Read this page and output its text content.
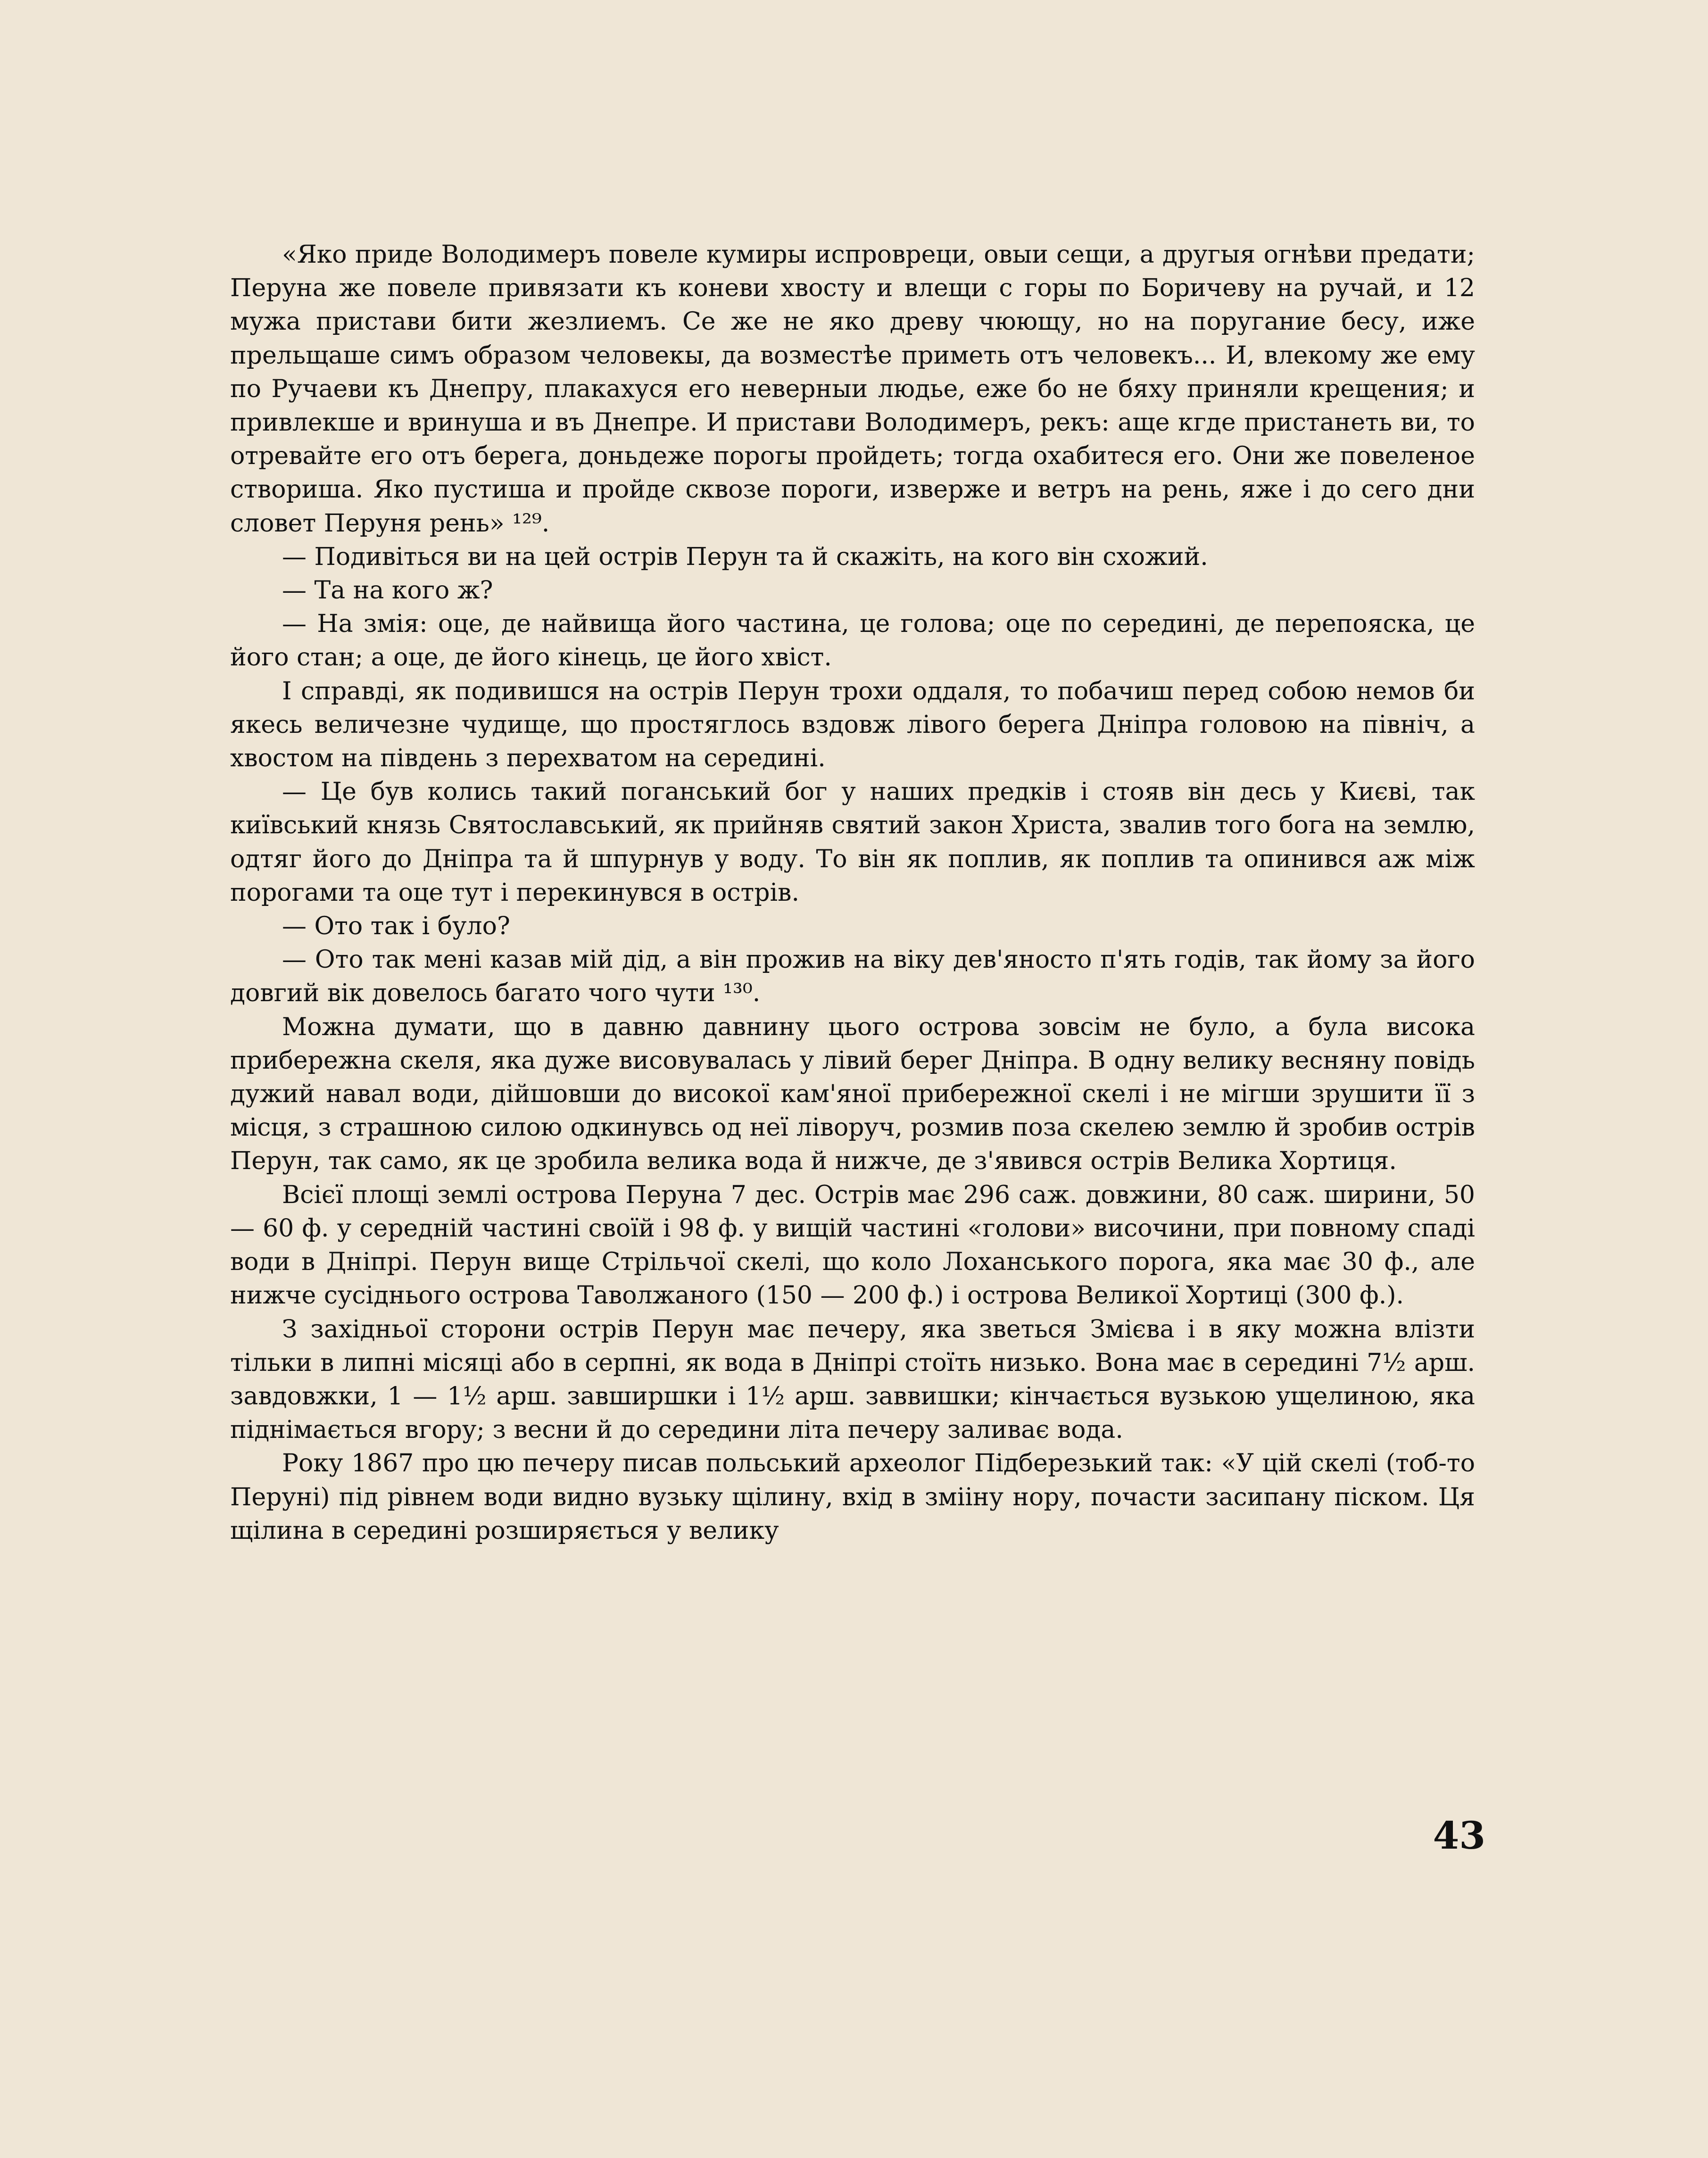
«Яко приде Володимеръ повеле кумиры испровреци, овыи сещи, а другыя огнѣви предати; Перуна же повеле привязати къ коневи хвосту и влещи с горы по Боричеву на ручай, и 12 мужа пристави бити жезлиемъ. Се же не яко древу чюющу, но на поругание бесу, иже прельщаше симъ образом человекы, да возместѣе приметь отъ человекъ... И, влекому же ему по Ручаеви къ Днепру, плакахуся его неверныи людье, еже бо не бяху приняли крещения; и привлекше и вринуша и въ Днепре. И пристави Володимеръ, рекъ: аще кгде пристанеть ви, то отревайте его отъ берега, доньдеже порогы пройдеть; тогда охабитеся его. Они же повеленое створиша. Яко пустиша и пройде сквозе пороги, изверже и ветръ на рень, яже і до сего дни словет Перуня рень» ¹²⁹.

— Подивіться ви на цей острів Перун та й скажіть, на кого він схожий.

— Та на кого ж?

— На змія: оце, де найвища його частина, це голова; оце по середині, де перепояска, це його стан; а оце, де його кінець, це його хвіст.

І справді, як подивишся на острів Перун трохи оддаля, то побачиш перед собою немов би якесь величезне чудище, що простяглось вздовж лівого берега Дніпра головою на північ, а хвостом на південь з перехватом на середині.

— Це був колись такий поганський бог у наших предків і стояв він десь у Києві, так київський князь Святославський, як прийняв святий закон Христа, звалив того бога на землю, одтяг його до Дніпра та й шпурнув у воду. То він як поплив, як поплив та опинився аж між порогами та оце тут і перекинувся в острів.

— Ото так і було?

— Ото так мені казав мій дід, а він прожив на віку дев'яносто п'ять годів, так йому за його довгий вік довелось багато чого чути ¹³⁰.

Можна думати, що в давню давнину цього острова зовсім не було, а була висока прибережна скеля, яка дуже висовувалась у лівий берег Дніпра. В одну велику весняну повідь дужий навал води, дійшовши до високої кам'яної прибережної скелі і не мігши зрушити її з місця, з страшною силою одкинувсь од неї ліворуч, розмив поза скелею землю й зробив острів Перун, так само, як це зробила велика вода й нижче, де з'явився острів Велика Хортиця.

Всієї площі землі острова Перуна 7 дес. Острів має 296 саж. довжини, 80 саж. ширини, 50 — 60 ф. у середній частині своїй і 98 ф. у вищій частині «голови» височини, при повному спаді води в Дніпрі. Перун вище Стрільчої скелі, що коло Лоханського порога, яка має 30 ф., але нижче сусіднього острова Таволжаного (150 — 200 ф.) і острова Великої Хортиці (300 ф.).

З західньої сторони острів Перун має печеру, яка зветься Змієва і в яку можна влізти тільки в липні місяці або в серпні, як вода в Дніпрі стоїть низько. Вона має в середині 7½ арш. завдовжки, 1 — 1½ арш. завширшки і 1½ арш. заввишки; кінчається вузькою ущелиною, яка піднімається вгору; з весни й до середини літа печеру заливає вода.

Року 1867 про цю печеру писав польський археолог Підберезький так: «У цій скелі (тоб-то Перуні) під рівнем води видно вузьку щілину, вхід в змііну нору, почасти засипану піском. Ця щілина в середині розширяється у велику

43
